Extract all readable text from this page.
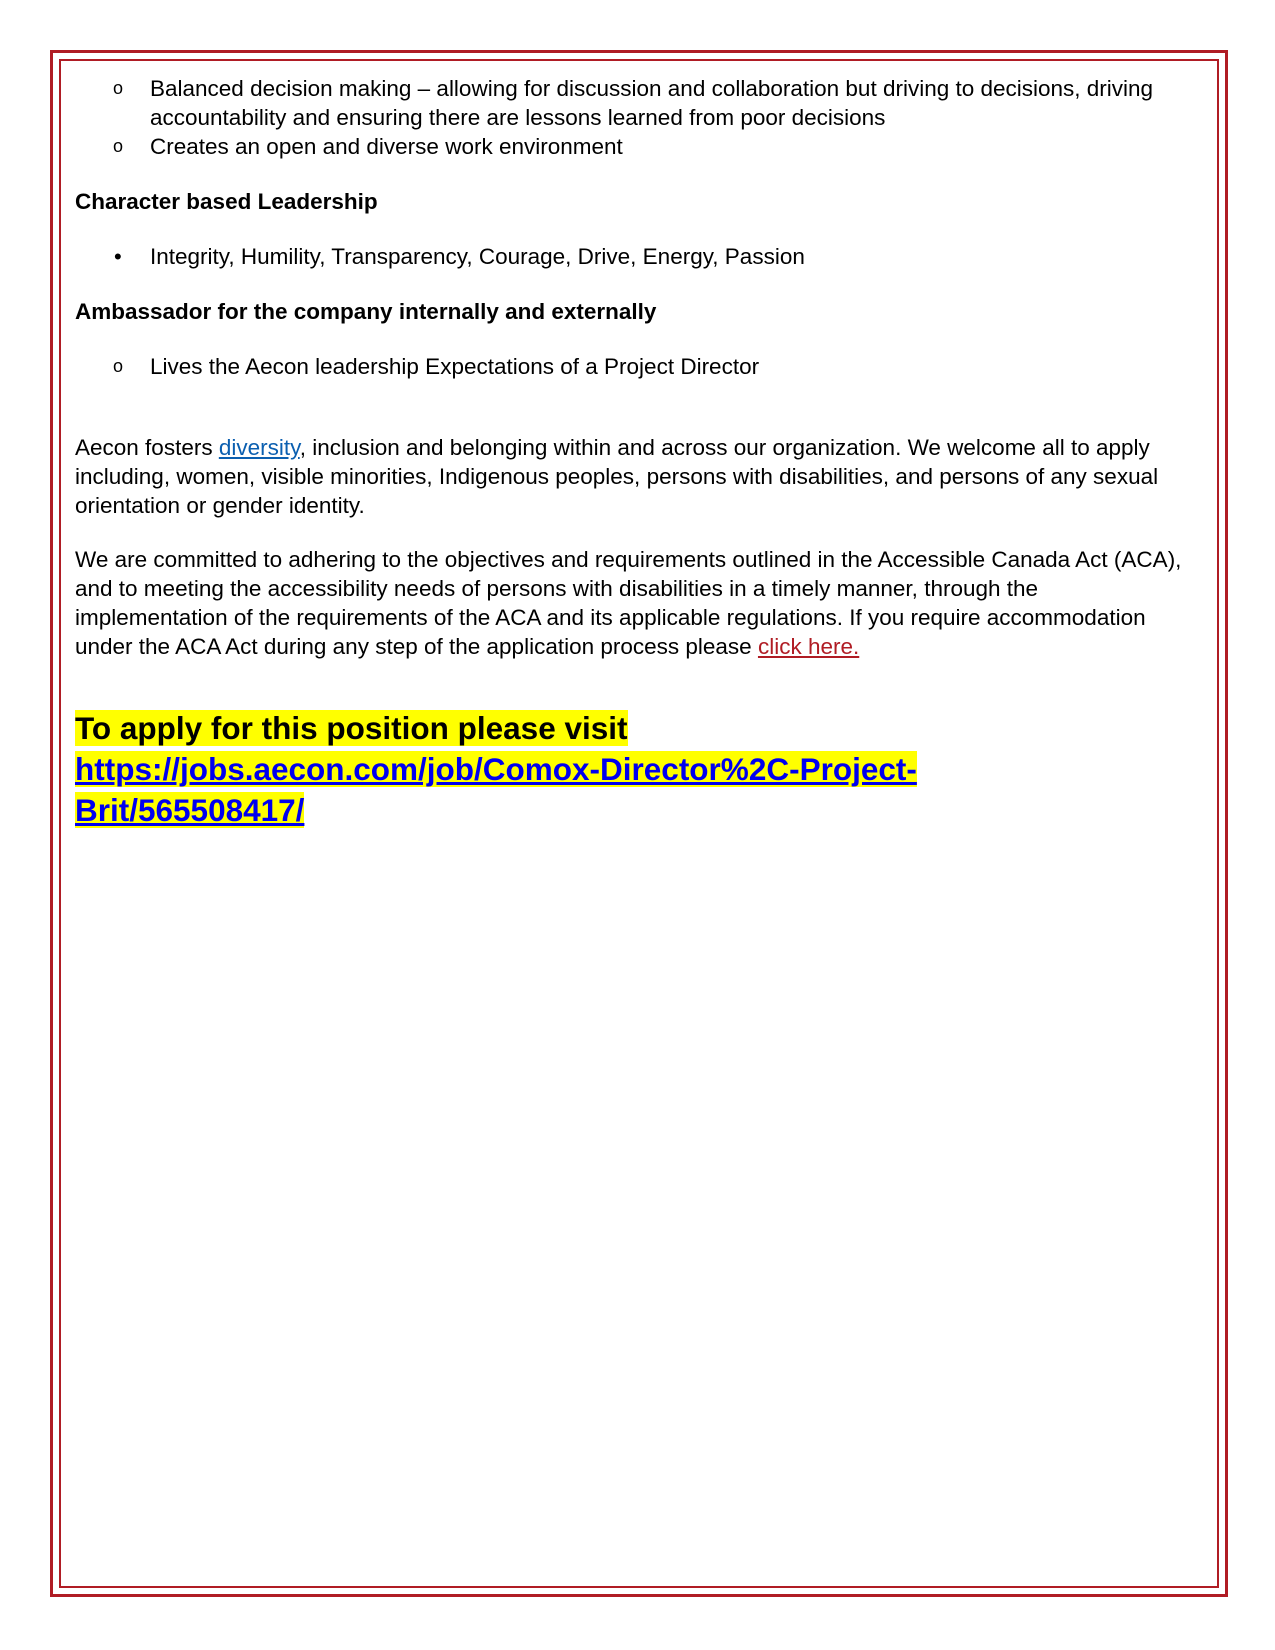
o Balanced decision making – allowing for discussion and collaboration but driving to decisions, driving accountability and ensuring there are lessons learned from poor decisions
o Creates an open and diverse work environment

Character based Leadership

• Integrity, Humility, Transparency, Courage, Drive, Energy, Passion

Ambassador for the company internally and externally

o Lives the Aecon leadership Expectations of a Project Director

Aecon fosters diversity, inclusion and belonging within and across our organization. We welcome all to apply including, women, visible minorities, Indigenous peoples, persons with disabilities, and persons of any sexual orientation or gender identity.

We are committed to adhering to the objectives and requirements outlined in the Accessible Canada Act (ACA), and to meeting the accessibility needs of persons with disabilities in a timely manner, through the implementation of the requirements of the ACA and its applicable regulations. If you require accommodation under the ACA Act during any step of the application process please click here.

To apply for this position please visit
https://jobs.aecon.com/job/Comox-Director%2C-Project-
Brit/565508417/
